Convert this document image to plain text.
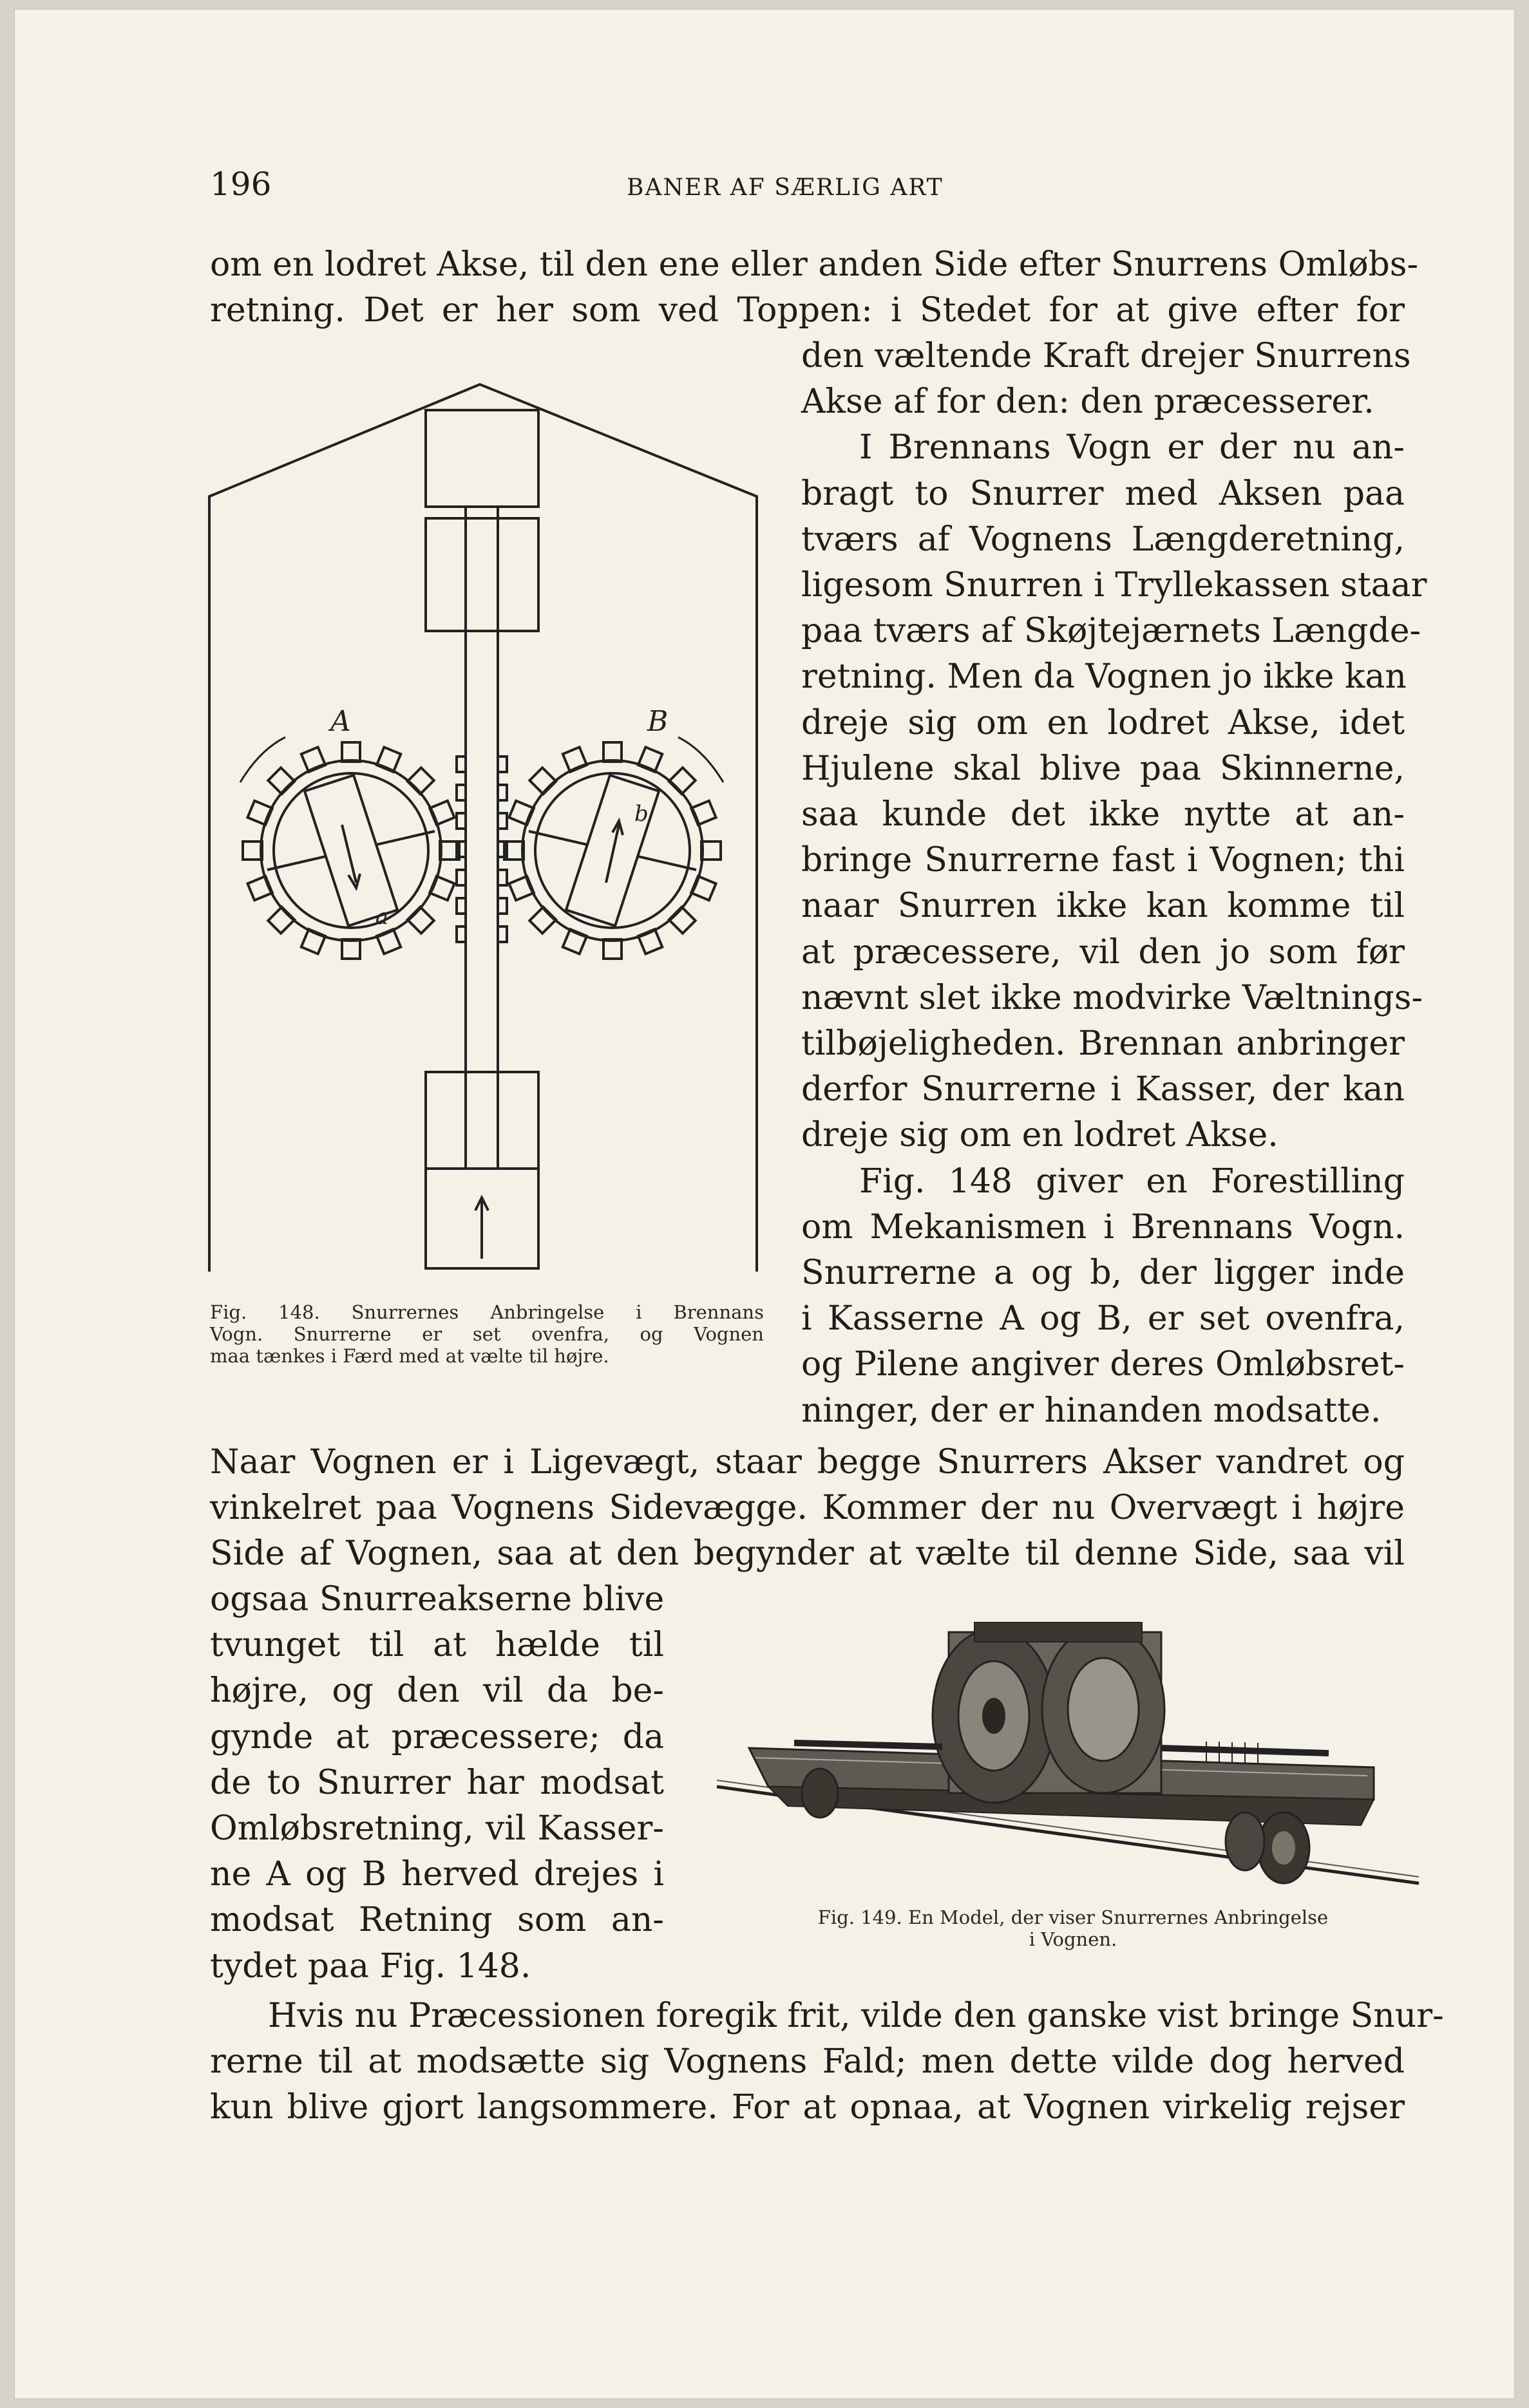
196	BANER AF SÆRLIG ART
om en lodret Akse, til den ene eller anden Side efter Snurrens Omløbs-
retning. Det er her som ved Toppen: i Stedet for at give efter for
den væltende Kraft drejer Snurrens
Akse af for den: den præcesserer.
I Brennans Vogn er der nu an-
bragt to Snurrer med Aksen paa
tværs af Vognens Længderetning,
ligesom Snurren i Tryllekassen staar
paa tværs af Skøjtejærnets Længde-
retning. Men da Vognen jo ikke kan
dreje sig om en lodret Akse, idet
Hjulene skal blive paa Skinnerne,
saa kunde det ikke nytte at an-
bringe Snurrerne fast i Vognen; thi
naar Snurren ikke kan komme til
at præcessere, vil den jo som før
nævnt slet ikke modvirke Væltnings-
tilbøjeligheden. Brennan anbringer
derfor Snurrerne i Kasser, der kan
dreje sig om en lodret Akse.
Fig. 148 giver en Forestilling
om Mekanismen i Brennans Vogn.
Snurrerne a og b, der ligger inde
i Kasserne A og B, er set ovenfra,
og Pilene angiver deres Omløbsret-
ninger, der er hinanden modsatte.
Naar Vognen er i Ligevægt, staar begge Snurrers Akser vandret og
vinkelret paa Vognens Sidevægge. Kommer der nu Overvægt i højre
Side af Vognen, saa at den begynder at vælte til denne Side, saa vil
ogsaa Snurreakserne blive
tvunget til at hælde til
højre, og den vil da be-
gynde at præcessere; da
de to Snurrer har modsat
Omløbsretning, vil Kasser-
ne A og B herved drejes i
modsat Retning som an-
tydet paa Fig. 148.
Hvis nu Præcessionen foregik frit, vilde den ganske vist bringe Snur-
rerne til at modsætte sig Vognens Fald; men dette vilde dog herved
kun blive gjort langsommere. For at opnaa, at Vognen virkelig rejser
A	B
a
b
Fig. 148. Snurrernes Anbringelse i Brennans
Vogn. Snurrerne er set ovenfra, og Vognen
maa tænkes i Færd med at vælte til højre.
Fig. 149. En Model, der viser Snurrernes Anbringelse
i Vognen.
